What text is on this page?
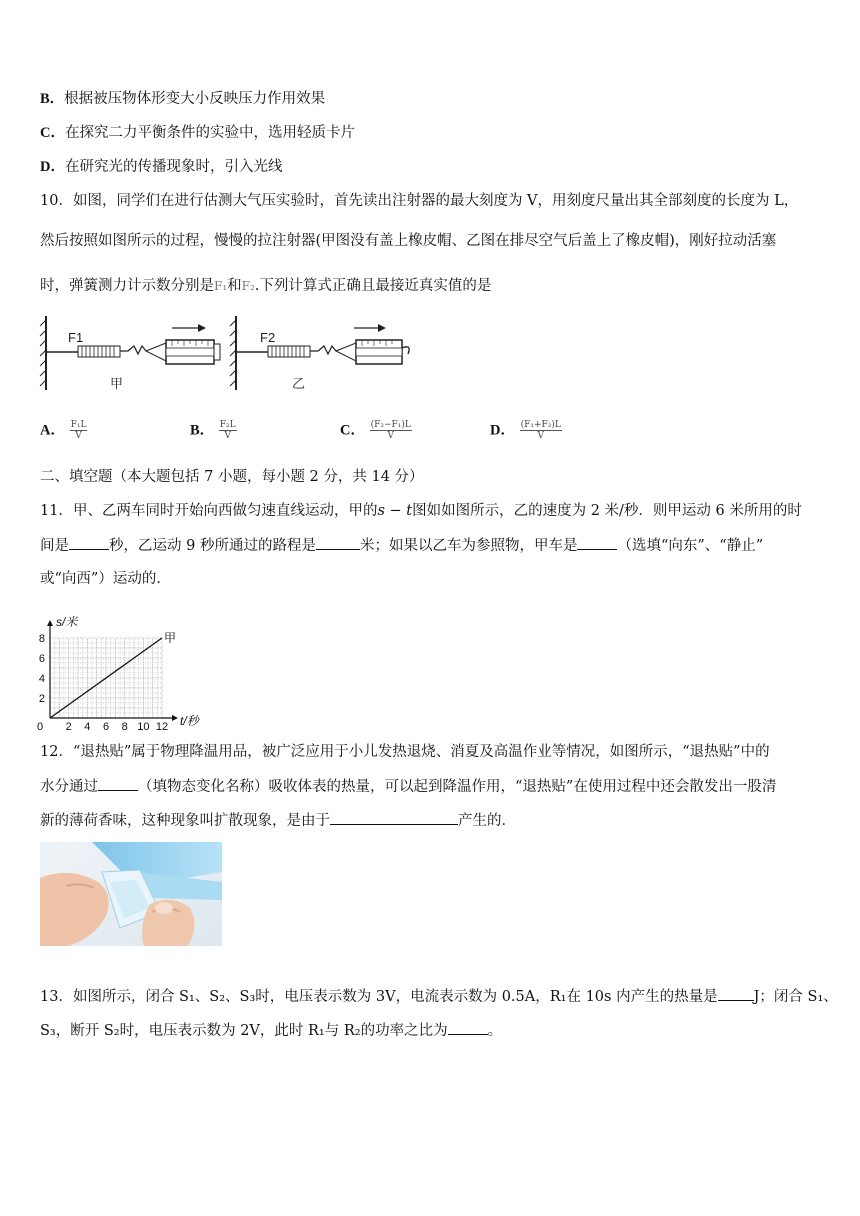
B．根据被压物体形变大小反映压力作用效果
C．在探究二力平衡条件的实验中，选用轻质卡片
D．在研究光的传播现象时，引入光线
10．如图，同学们在进行估测大气压实验时，首先读出注射器的最大刻度为 V，用刻度尺量出其全部刻度的长度为 L，
然后按照如图所示的过程，慢慢的拉注射器(甲图没有盖上橡皮帽、乙图在排尽空气后盖上了橡皮帽)，刚好拉动活塞
时，弹簧测力计示数分别是F₁和F₂.下列计算式正确且最接近真实值的是
F1
甲
F2
乙
A． $\frac{\text{F₁L}}{V}$	B． $\frac{\text{F₂L}}{V}$	C． $\frac{\text{(F₂−F₁)L}}{V}$	D． $\frac{\text{(F₁+F₂)L}}{V}$
二、填空题（本大题包括 7 小题，每小题 2 分，共 14 分）
11．甲、乙两车同时开始向西做匀速直线运动，甲的s − t图如如图所示，乙的速度为 2 米/秒．则甲运动 6 米所用的时
间是	秒，乙运动 9 秒所通过的路程是	米；如果以乙车为参照物，甲车是	（选填“向东”、“静止”
或“向西”）运动的．
s/米
t/秒
0 2 4 6 8 10 12
2
4
6
8	甲
12．“退热贴”属于物理降温用品，被广泛应用于小儿发热退烧、消夏及高温作业等情况，如图所示，“退热贴”中的
水分通过	（填物态变化名称）吸收体表的热量，可以起到降温作用，“退热贴”在使用过程中还会散发出一股清
新的薄荷香味，这种现象叫扩散现象，是由于	产生的．
13．如图所示，闭合 S₁、S₂、S₃时，电压表示数为 3V，电流表示数为 0.5A，R₁在 10s 内产生的热量是 J；闭合 S₁、
S₃，断开 S₂时，电压表示数为 2V，此时 R₁与 R₂的功率之比为	。
